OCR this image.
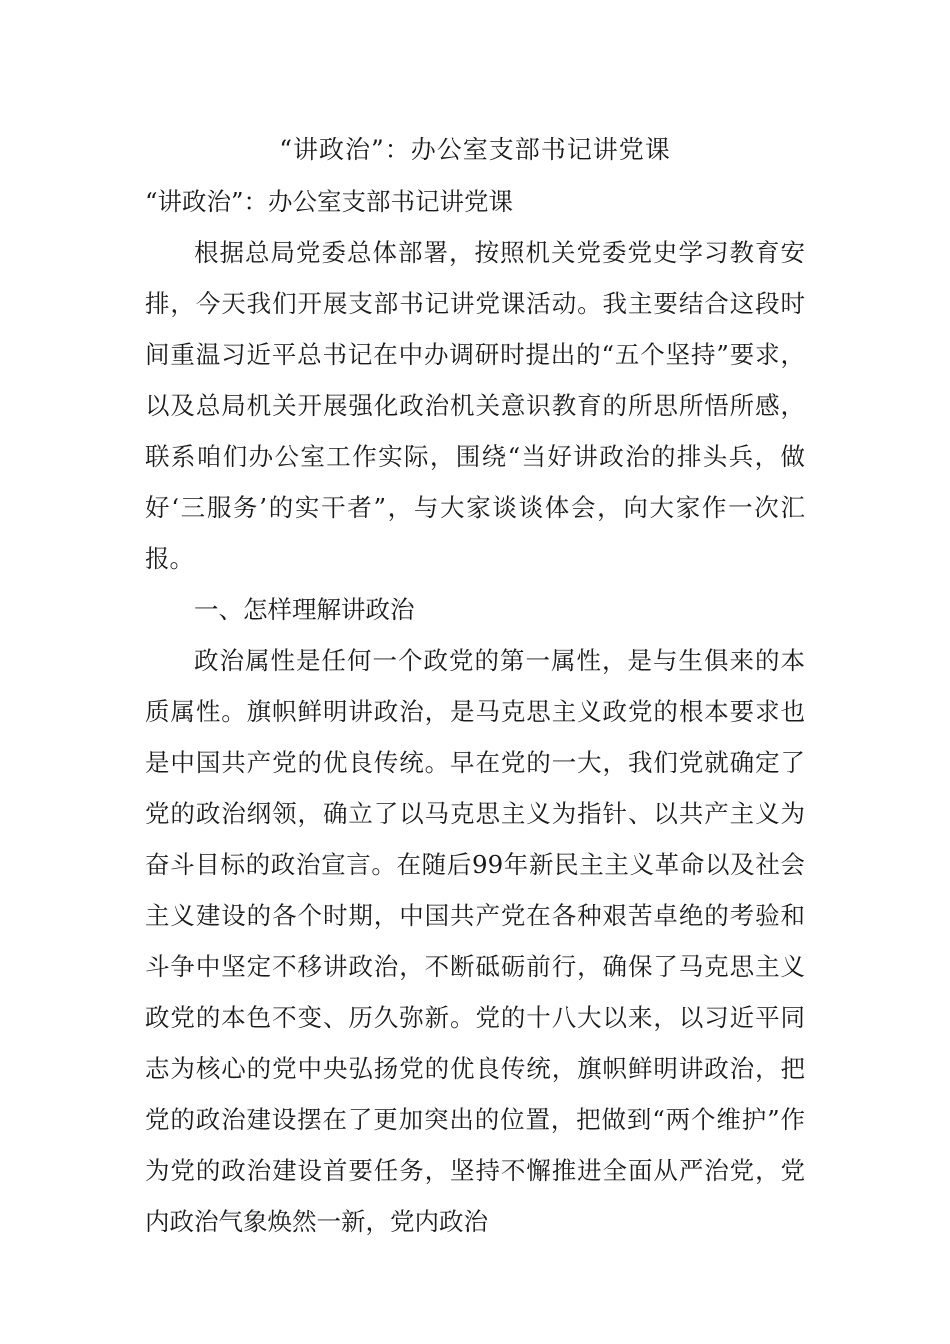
“讲政治”：办公室支部书记讲党课

“讲政治”：办公室支部书记讲党课

根据总局党委总体部署，按照机关党委党史学习教育安排，今天我们开展支部书记讲党课活动。我主要结合这段时间重温习近平总书记在中办调研时提出的“五个坚持”要求，以及总局机关开展强化政治机关意识教育的所思所悟所感，联系咱们办公室工作实际，围绕“当好讲政治的排头兵，做好‘三服务’的实干者”，与大家谈谈体会，向大家作一次汇报。

一、怎样理解讲政治

政治属性是任何一个政党的第一属性，是与生俱来的本质属性。旗帜鲜明讲政治，是马克思主义政党的根本要求也是中国共产党的优良传统。早在党的一大，我们党就确定了党的政治纲领，确立了以马克思主义为指针、以共产主义为奋斗目标的政治宣言。在随后99年新民主主义革命以及社会主义建设的各个时期，中国共产党在各种艰苦卓绝的考验和斗争中坚定不移讲政治，不断砥砺前行，确保了马克思主义政党的本色不变、历久弥新。党的十八大以来，以习近平同志为核心的党中央弘扬党的优良传统，旗帜鲜明讲政治，把党的政治建设摆在了更加突出的位置，把做到“两个维护”作为党的政治建设首要任务，坚持不懈推进全面从严治党，党内政治气象焕然一新，党内政治
